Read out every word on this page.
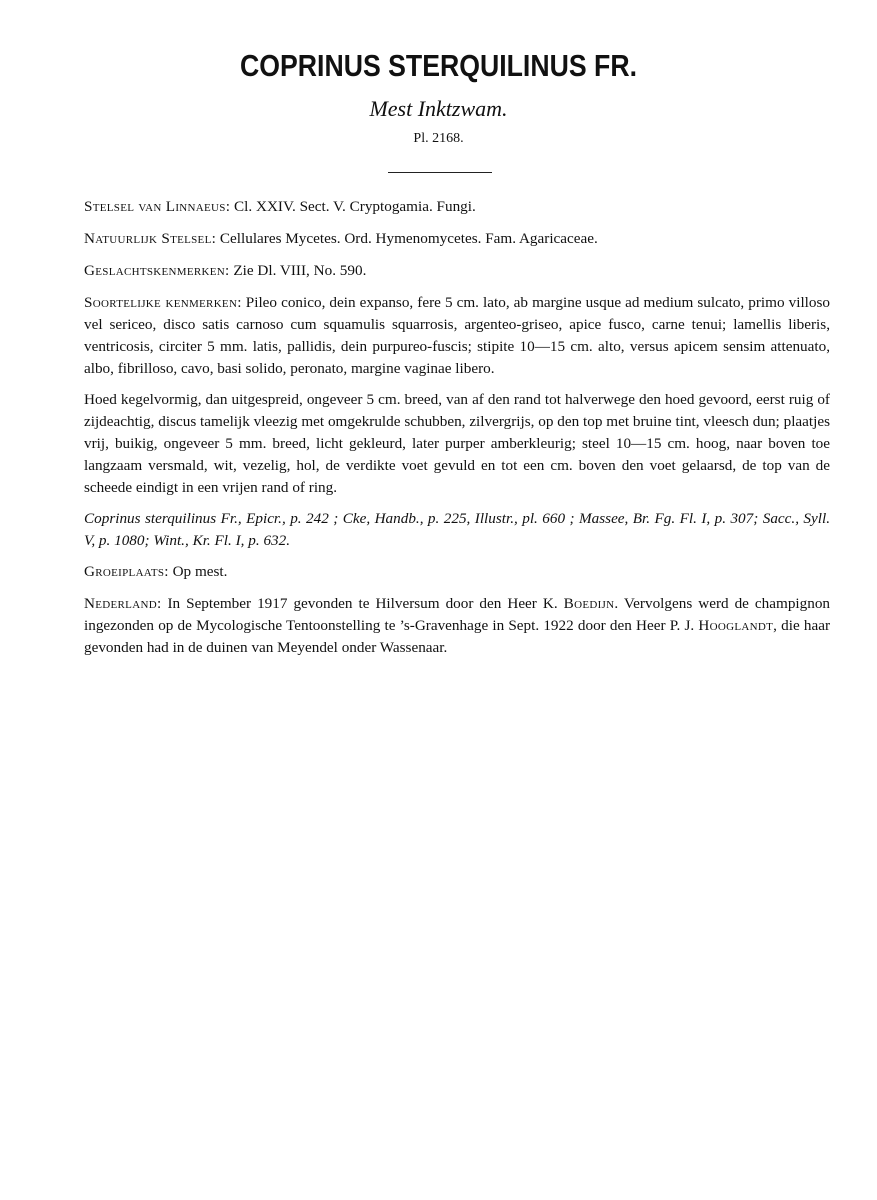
COPRINUS STERQUILINUS FR.
Mest Inktzwam.
Pl. 2168.

Stelsel van Linnaeus: Cl. XXIV. Sect. V. Cryptogamia. Fungi.

Natuurlijk Stelsel: Cellulares Mycetes. Ord. Hymenomycetes. Fam. Agaricaceae.

Geslachtskenmerken: Zie Dl. VIII, No. 590.

Soortelijke kenmerken: Pileo conico, dein expanso, fere 5 cm. lato, ab margine usque ad medium sulcato, primo villoso vel sericeo, disco satis carnoso cum squamulis squarrosis, argenteo-griseo, apice fusco, carne tenui; lamellis liberis, ventricosis, circiter 5 mm. latis, pallidis, dein purpureo-fuscis; stipite 10—15 cm. alto, versus apicem sensim attenuato, albo, fibrilloso, cavo, basi solido, peronato, margine vaginae libero.

Hoed kegelvormig, dan uitgespreid, ongeveer 5 cm. breed, van af den rand tot halverwege den hoed gevoord, eerst ruig of zijdeachtig, discus tamelijk vleezig met omgekrulde schubben, zilvergrijs, op den top met bruine tint, vleesch dun; plaatjes vrij, buikig, ongeveer 5 mm. breed, licht gekleurd, later purper amberkleurig; steel 10—15 cm. hoog, naar boven toe langzaam versmald, wit, vezelig, hol, de verdikte voet gevuld en tot een cm. boven den voet gelaarsd, de top van de scheede eindigt in een vrijen rand of ring.

Coprinus sterquilinus Fr., Epicr., p. 242 ; Cke, Handb., p. 225, Illustr., pl. 660 ; Massee, Br. Fg. Fl. I, p. 307; Sacc., Syll. V, p. 1080; Wint., Kr. Fl. I, p. 632.

Groeiplaats: Op mest.

Nederland: In September 1917 gevonden te Hilversum door den Heer K. Boedijn. Vervolgens werd de champignon ingezonden op de Mycologische Tentoonstelling te ’s-Gravenhage in Sept. 1922 door den Heer P. J. Hooglandt, die haar gevonden had in de duinen van Meyendel onder Wassenaar.
